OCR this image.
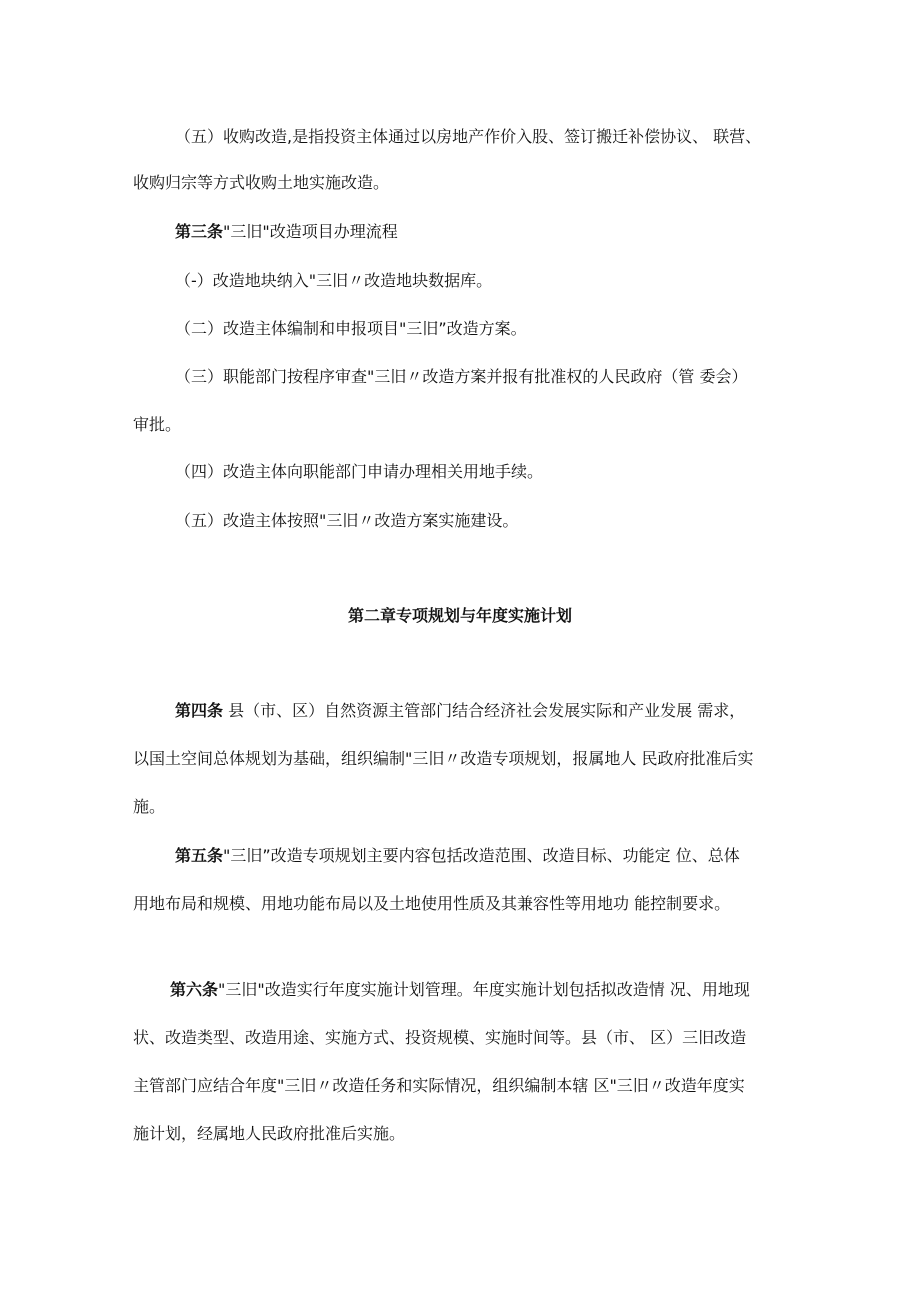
（五）收购改造,是指投资主体通过以房地产作价入股、签订搬迁补偿协议、 联营、

收购归宗等方式收购土地实施改造。

第三条"三旧"改造项目办理流程

（-）改造地块纳入"三旧〃改造地块数据库。

（二）改造主体编制和申报项目"三旧”改造方案。

（三）职能部门按程序审查"三旧〃改造方案并报有批准权的人民政府（管 委会）

审批。

（四）改造主体向职能部门申请办理相关用地手续。

（五）改造主体按照"三旧〃改造方案实施建设。

第二章专项规划与年度实施计划

第四条 县（市、区）自然资源主管部门结合经济社会发展实际和产业发展 需求，

以国土空间总体规划为基础，组织编制"三旧〃改造专项规划，报属地人 民政府批准后实

施。

第五条"三旧”改造专项规划主要内容包括改造范围、改造目标、功能定 位、总体

用地布局和规模、用地功能布局以及土地使用性质及其兼容性等用地功 能控制要求。

第六条"三旧"改造实行年度实施计划管理。年度实施计划包括拟改造情 况、用地现

状、改造类型、改造用途、实施方式、投资规模、实施时间等。县（市、 区）三旧改造

主管部门应结合年度"三旧〃改造任务和实际情况，组织编制本辖 区"三旧〃改造年度实

施计划，经属地人民政府批准后实施。
